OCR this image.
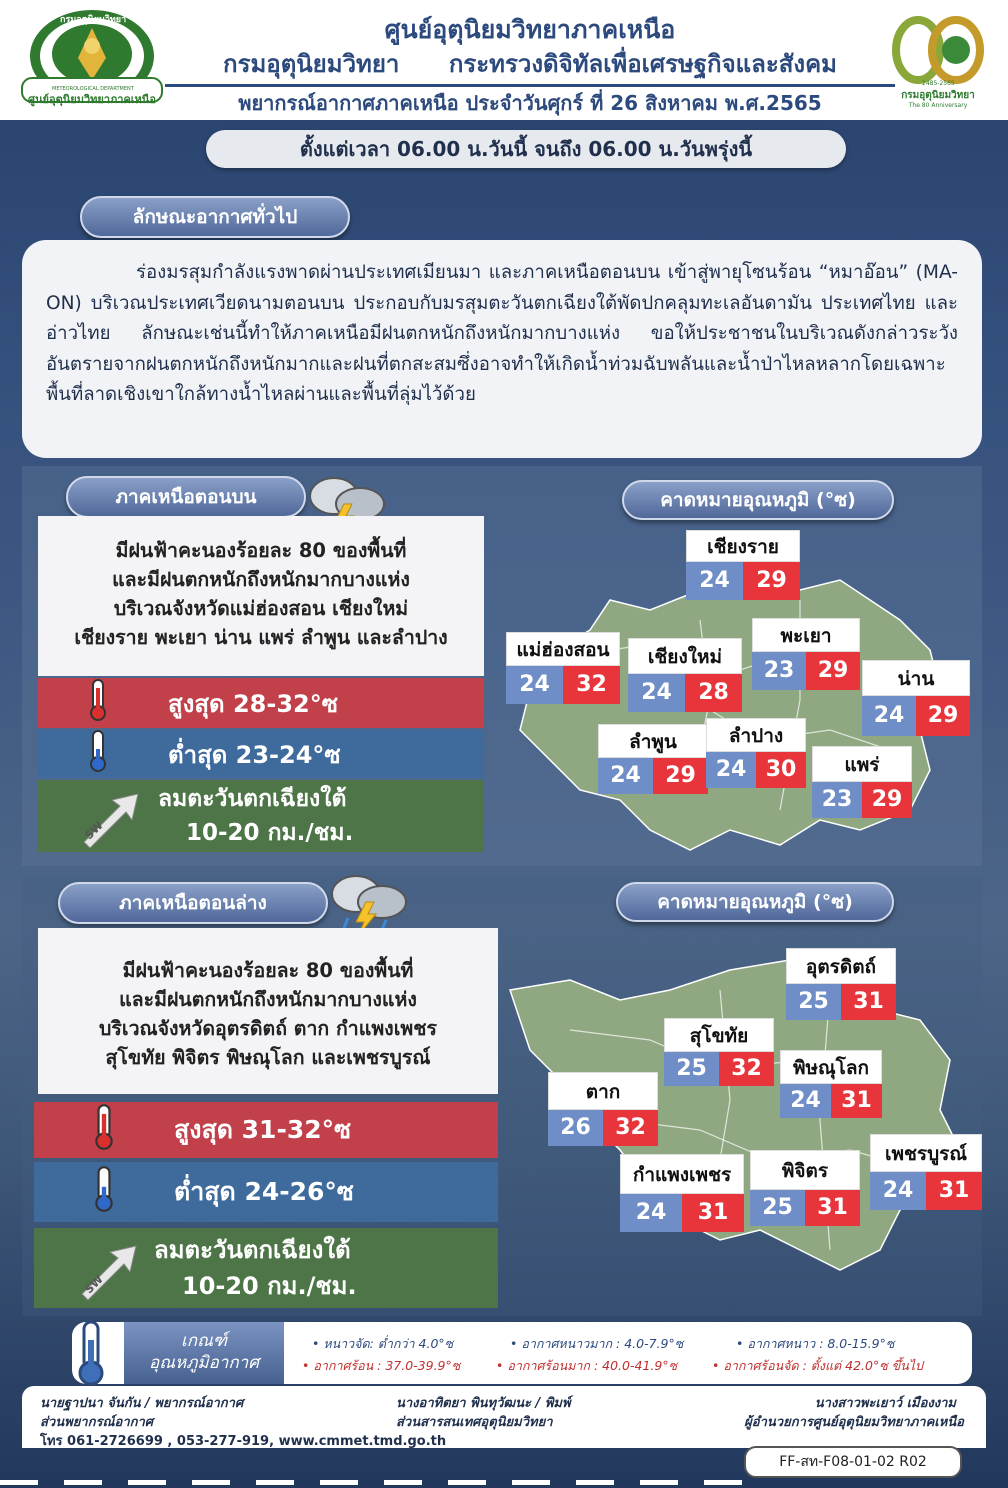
กรมอุตุนิยมวิทยา
METEOROLOGICAL DEPARTMENT
ศูนย์อุตุนิยมวิทยาภาคเหนือ
ศูนย์อุตุนิยมวิทยาภาคเหนือ
กรมอุตุนิยมวิทยา กระทรวงดิจิทัลเพื่อเศรษฐกิจและสังคม
พยากรณ์อากาศภาคเหนือ ประจำวันศุกร์ ที่ 26 สิงหาคม พ.ศ.2565
2485-2565
กรมอุตุนิยมวิทยา
The 80 Anniversary
ตั้งแต่เวลา 06.00 น.วันนี้ จนถึง 06.00 น.วันพรุ่งนี้
ลักษณะอากาศทั่วไป
ร่องมรสุมกำลังแรงพาดผ่านประเทศเมียนมา และภาคเหนือตอนบน เข้าสู่พายุโซนร้อน “หมาอ๊อน” (MA-ON) บริเวณประเทศเวียดนามตอนบน ประกอบกับมรสุมตะวันตกเฉียงใต้พัดปกคลุมทะเลอันดามัน ประเทศไทย และอ่าวไทย ลักษณะเช่นนี้ทำให้ภาคเหนือมีฝนตกหนักถึงหนักมากบางแห่ง ขอให้ประชาชนในบริเวณดังกล่าวระวังอันตรายจากฝนตกหนักถึงหนักมากและฝนที่ตกสะสมซึ่งอาจทำให้เกิดน้ำท่วมฉับพลันและน้ำป่าไหลหลากโดยเฉพาะพื้นที่ลาดเชิงเขาใกล้ทางน้ำไหลผ่านและพื้นที่ลุ่มไว้ด้วย
ภาคเหนือตอนบน
มีฝนฟ้าคะนองร้อยละ 80 ของพื้นที่
และมีฝนตกหนักถึงหนักมากบางแห่ง
บริเวณจังหวัดแม่ฮ่องสอน เชียงใหม่
เชียงราย พะเยา น่าน แพร่ ลำพูน และลำปาง
สูงสุด 28-32°ซ
ต่ำสุด 23-24°ซ
SW
ลมตะวันตกเฉียงใต้
10-20 กม./ชม.
คาดหมายอุณหภูมิ (°ซ)
เชียงราย
24	29
แม่ฮ่องสอน
24	32
เชียงใหม่
24	28
พะเยา
23	29	น่าน
24	29
ลำพูน
24	29
ลำปาง
24 30	แพร่
23 29
ภาคเหนือตอนล่าง
มีฝนฟ้าคะนองร้อยละ 80 ของพื้นที่
และมีฝนตกหนักถึงหนักมากบางแห่ง
บริเวณจังหวัดอุตรดิตถ์ ตาก กำแพงเพชร
สุโขทัย พิจิตร พิษณุโลก และเพชรบูรณ์
สูงสุด 31-32°ซ
ต่ำสุด 24-26°ซ
SW
ลมตะวันตกเฉียงใต้
10-20 กม./ชม.
คาดหมายอุณหภูมิ (°ซ)
อุตรดิตถ์
25	31
สุโขทัย
25	32
ตาก
26	32
พิษณุโลก
24 31
กำแพงเพชร
24	31
พิจิตร
25	31
เพชรบูรณ์
24	31
เกณฑ์
อุณหภูมิอากาศ
• หนาวจัด: ต่ำกว่า 4.0°ซ	• อากาศหนาวมาก : 4.0-7.9°ซ	• อากาศหนาว : 8.0-15.9°ซ
• อากาศร้อน : 37.0-39.9°ซ	• อากาศร้อนมาก : 40.0-41.9°ซ	• อากาศร้อนจัด : ตั้งแต่ 42.0°ซ ขึ้นไป
นายฐาปนา จันกัน / พยากรณ์อากาศ
ส่วนพยากรณ์อากาศ
โทร 061-2726699 , 053-277-919, www.cmmet.tmd.go.th
นางอาทิตยา พินทุวัฒนะ / พิมพ์
ส่วนสารสนเทศอุตุนิยมวิทยา
นางสาวพะเยาว์ เมืองงาม
ผู้อำนวยการศูนย์อุตุนิยมวิทยาภาคเหนือ
FF-สท-F08-01-02 R02
